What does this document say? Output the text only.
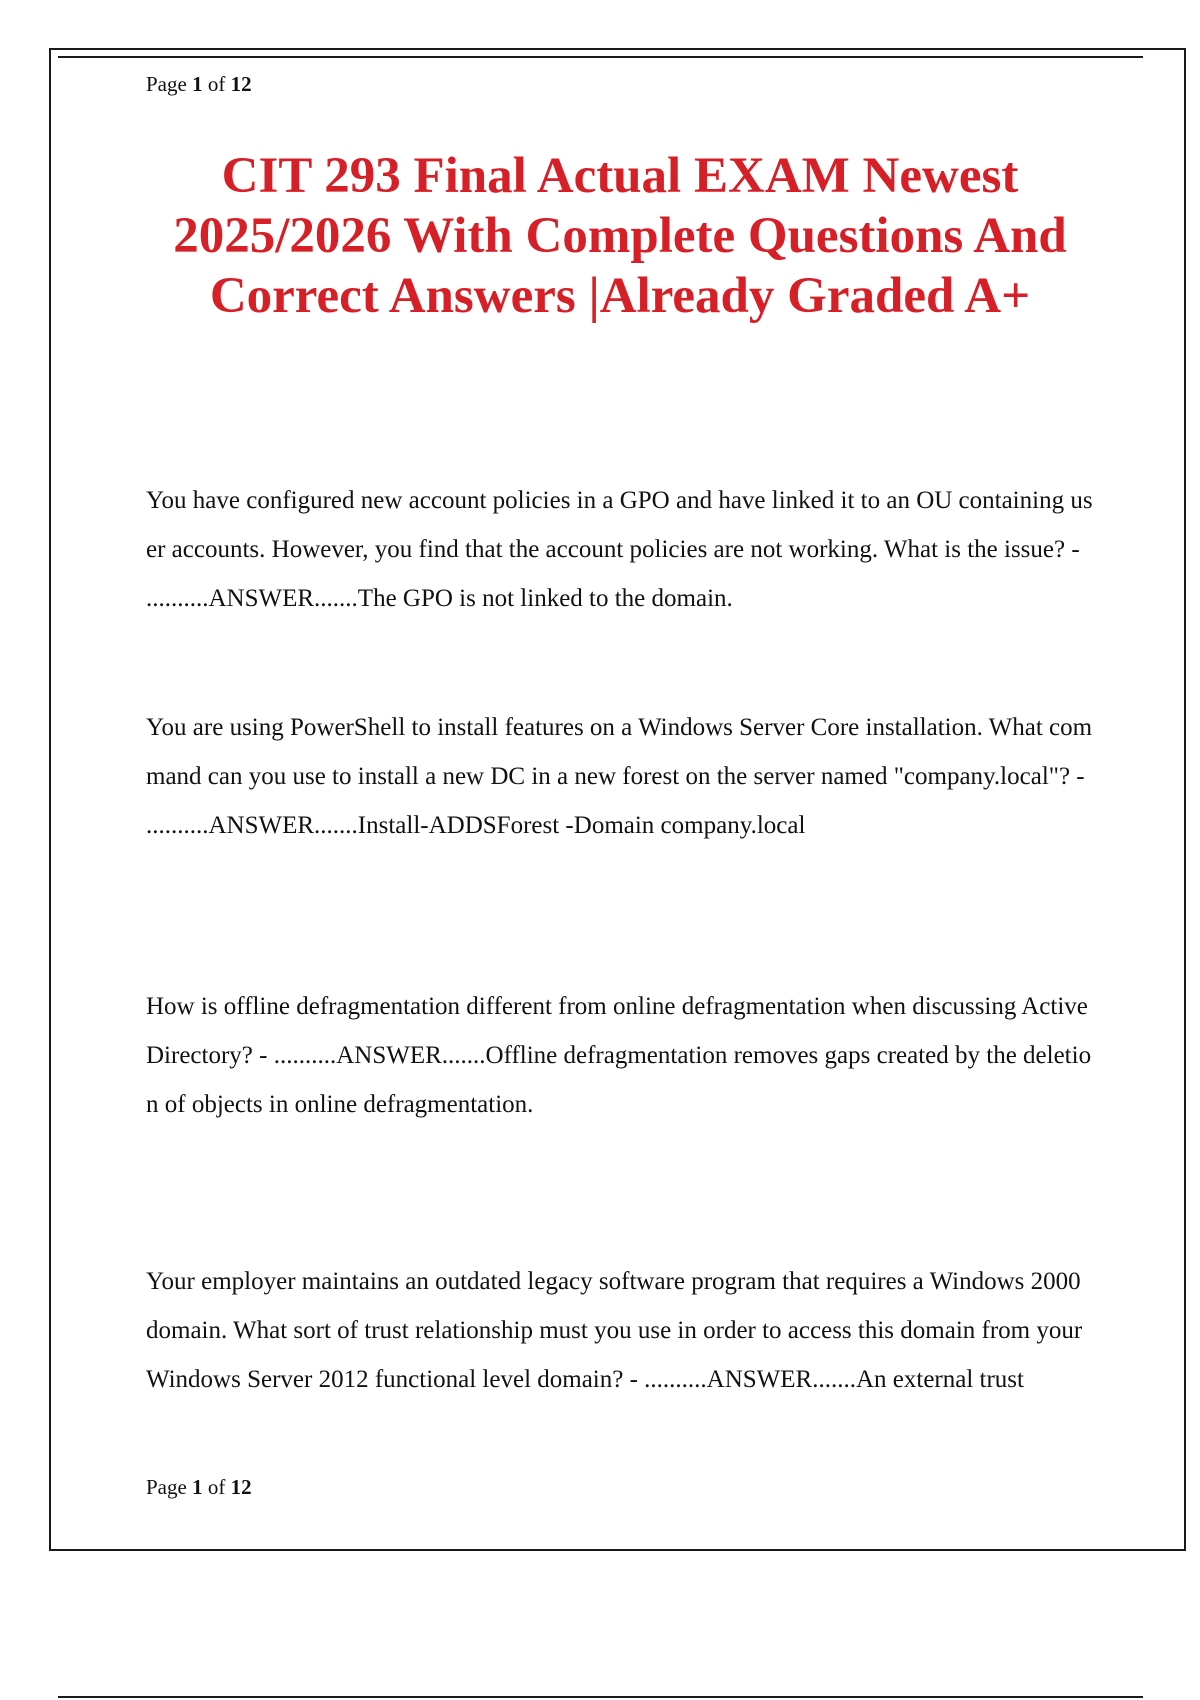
Page 1 of 12
CIT 293 Final Actual EXAM Newest 2025/2026 With Complete Questions And Correct Answers |Already Graded A+

You have configured new account policies in a GPO and have linked it to an OU containing user accounts. However, you find that the account policies are not working. What is the issue? - ..........ANSWER.......The GPO is not linked to the domain.

You are using PowerShell to install features on a Windows Server Core installation. What command can you use to install a new DC in a new forest on the server named "company.local"? - ..........ANSWER.......Install-ADDSForest -Domain company.local

How is offline defragmentation different from online defragmentation when discussing Active Directory? - ..........ANSWER.......Offline defragmentation removes gaps created by the deletion of objects in online defragmentation.

Your employer maintains an outdated legacy software program that requires a Windows 2000 domain. What sort of trust relationship must you use in order to access this domain from your Windows Server 2012 functional level domain? - ..........ANSWER.......An external trust

Page 1 of 12
